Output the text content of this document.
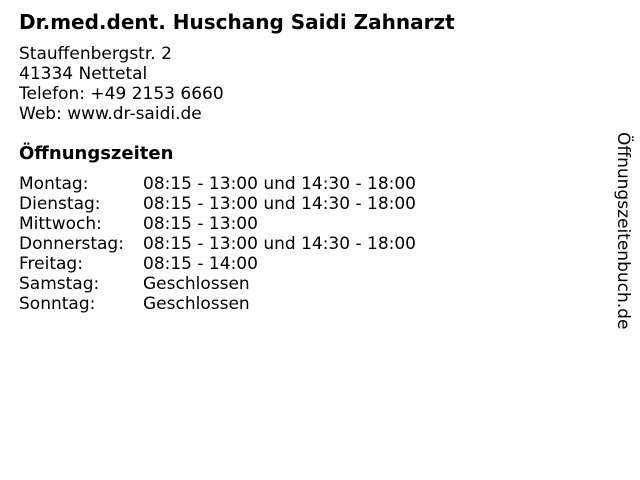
Dr.med.dent. Huschang Saidi Zahnarzt
Stauffenbergstr. 2
41334 Nettetal
Telefon: +49 2153 6660
Web: www.dr-saidi.de
Öffnungszeiten
Montag:	08:15 - 13:00 und 14:30 - 18:00
Dienstag:	08:15 - 13:00 und 14:30 - 18:00
Mittwoch:	08:15 - 13:00
Donnerstag:	08:15 - 13:00 und 14:30 - 18:00
Freitag:	08:15 - 14:00
Samstag:	Geschlossen
Sonntag:	Geschlossen	Öffnungszeitenbuch.de
